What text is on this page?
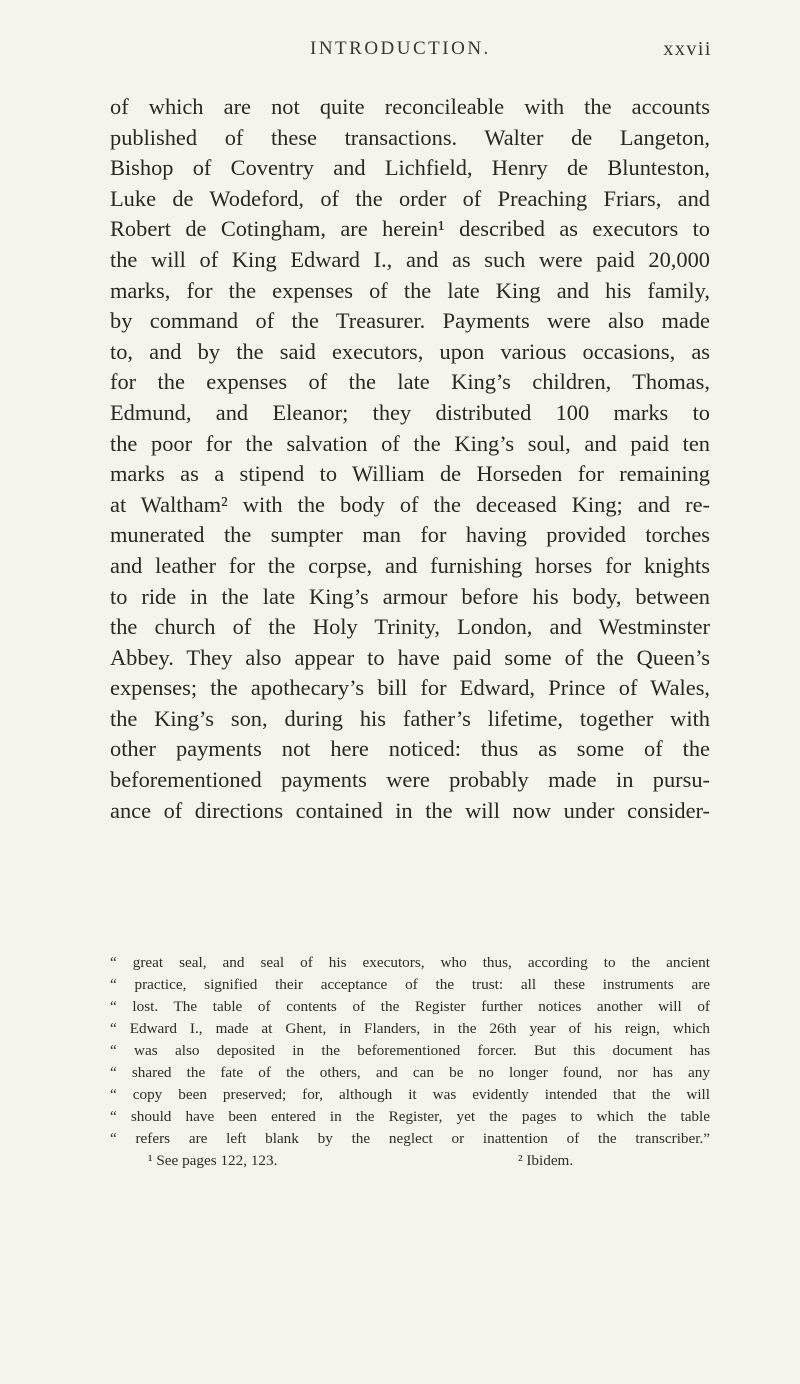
INTRODUCTION.	xxvii
of which are not quite reconcileable with the accounts
published of these transactions. Walter de Langeton,
Bishop of Coventry and Lichfield, Henry de Blunteston,
Luke de Wodeford, of the order of Preaching Friars, and
Robert de Cotingham, are herein¹ described as executors to
the will of King Edward I., and as such were paid 20,000
marks, for the expenses of the late King and his family,
by command of the Treasurer. Payments were also made
to, and by the said executors, upon various occasions, as
for the expenses of the late King’s children, Thomas,
Edmund, and Eleanor; they distributed 100 marks to
the poor for the salvation of the King’s soul, and paid ten
marks as a stipend to William de Horseden for remaining
at Waltham² with the body of the deceased King; and re-
munerated the sumpter man for having provided torches
and leather for the corpse, and furnishing horses for knights
to ride in the late King’s armour before his body, between
the church of the Holy Trinity, London, and Westminster
Abbey. They also appear to have paid some of the Queen’s
expenses; the apothecary’s bill for Edward, Prince of Wales,
the King’s son, during his father’s lifetime, together with
other payments not here noticed: thus as some of the
beforementioned payments were probably made in pursu-
ance of directions contained in the will now under consider-
“ great seal, and seal of his executors, who thus, according to the ancient
“ practice, signified their acceptance of the trust: all these instruments are
“ lost. The table of contents of the Register further notices another will of
“ Edward I., made at Ghent, in Flanders, in the 26th year of his reign, which
“ was also deposited in the beforementioned forcer. But this document has
“ shared the fate of the others, and can be no longer found, nor has any
“ copy been preserved; for, although it was evidently intended that the will
“ should have been entered in the Register, yet the pages to which the table
“ refers are left blank by the neglect or inattention of the transcriber.”
¹ See pages 122, 123.	² Ibidem.
